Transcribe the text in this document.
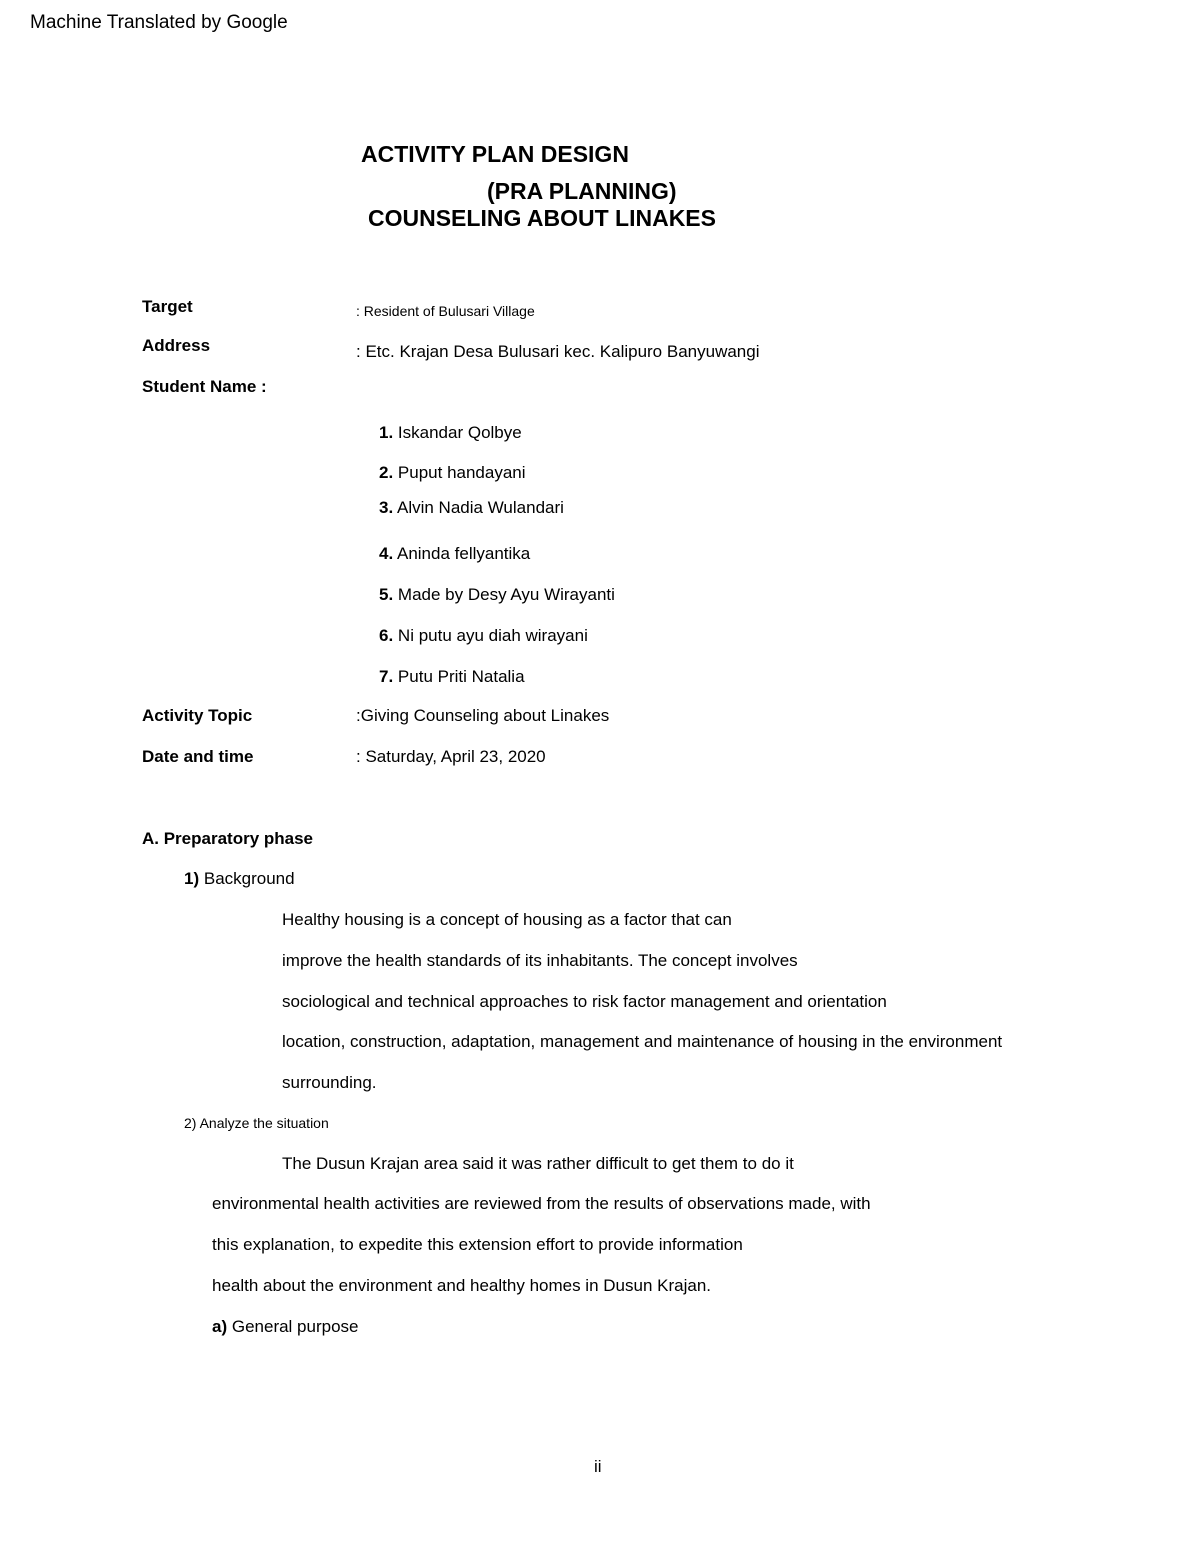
Machine Translated by Google
ACTIVITY PLAN DESIGN
(PRA PLANNING)
COUNSELING ABOUT LINAKES
Target	: Resident of Bulusari Village
Address	: Etc. Krajan Desa Bulusari kec. Kalipuro Banyuwangi
Student Name :
1. Iskandar Qolbye
2. Puput handayani
3. Alvin Nadia Wulandari
4. Aninda fellyantika
5. Made by Desy Ayu Wirayanti
6. Ni putu ayu diah wirayani
7. Putu Priti Natalia
Activity Topic	:Giving Counseling about Linakes
Date and time	: Saturday, April 23, 2020
A. Preparatory phase
1) Background
Healthy housing is a concept of housing as a factor that can
improve the health standards of its inhabitants. The concept involves
sociological and technical approaches to risk factor management and orientation
location, construction, adaptation, management and maintenance of housing in the environment
surrounding.
2) Analyze the situation
The Dusun Krajan area said it was rather difficult to get them to do it
environmental health activities are reviewed from the results of observations made, with
this explanation, to expedite this extension effort to provide information
health about the environment and healthy homes in Dusun Krajan.
a) General purpose
ii
